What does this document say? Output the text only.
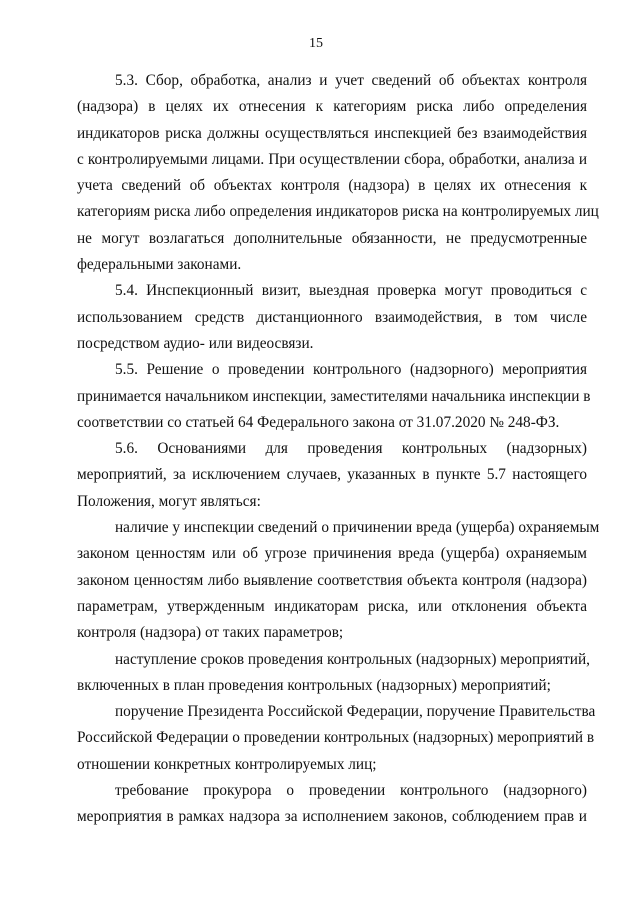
15
5.3. Сбор, обработка, анализ и учет сведений об объектах контроля
(надзора) в целях их отнесения к категориям риска либо определения
индикаторов риска должны осуществляться инспекцией без взаимодействия
с контролируемыми лицами. При осуществлении сбора, обработки, анализа и
учета сведений об объектах контроля (надзора) в целях их отнесения к
категориям риска либо определения индикаторов риска на контролируемых лиц
не могут возлагаться дополнительные обязанности, не предусмотренные
федеральными законами.
5.4. Инспекционный визит, выездная проверка могут проводиться с
использованием средств дистанционного взаимодействия, в том числе
посредством аудио- или видеосвязи.
5.5. Решение о проведении контрольного (надзорного) мероприятия
принимается начальником инспекции, заместителями начальника инспекции в
соответствии со статьей 64 Федерального закона от 31.07.2020 № 248-ФЗ.
5.6. Основаниями для проведения контрольных (надзорных)
мероприятий, за исключением случаев, указанных в пункте 5.7 настоящего
Положения, могут являться:
наличие у инспекции сведений о причинении вреда (ущерба) охраняемым
законом ценностям или об угрозе причинения вреда (ущерба) охраняемым
законом ценностям либо выявление соответствия объекта контроля (надзора)
параметрам, утвержденным индикаторам риска, или отклонения объекта
контроля (надзора) от таких параметров;
наступление сроков проведения контрольных (надзорных) мероприятий,
включенных в план проведения контрольных (надзорных) мероприятий;
поручение Президента Российской Федерации, поручение Правительства
Российской Федерации о проведении контрольных (надзорных) мероприятий в
отношении конкретных контролируемых лиц;
требование прокурора о проведении контрольного (надзорного)
мероприятия в рамках надзора за исполнением законов, соблюдением прав и
